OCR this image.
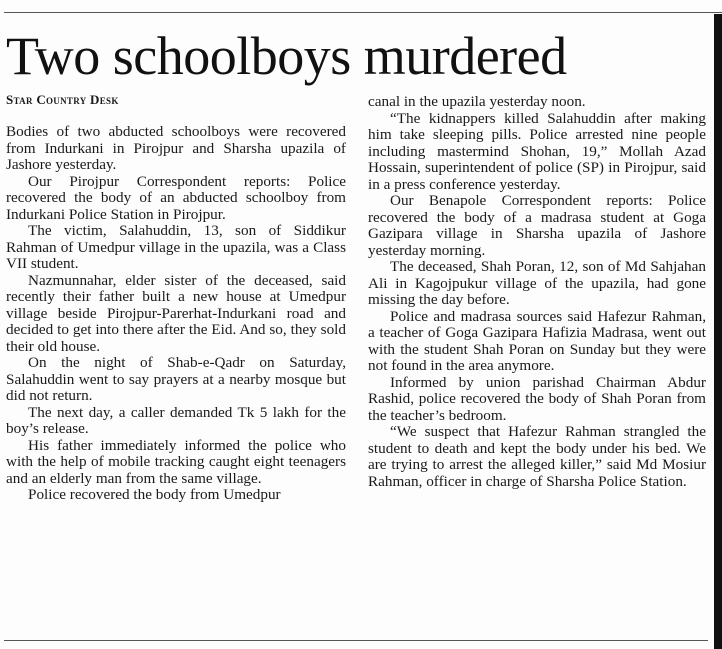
Two schoolboys murdered
Star Country Desk

Bodies of two abducted schoolboys were recovered from Indurkani in Pirojpur and Sharsha upazila of Jashore yesterday.

Our Pirojpur Correspondent reports: Police recovered the body of an abducted schoolboy from Indurkani Police Station in Pirojpur.

The victim, Salahuddin, 13, son of Siddikur Rahman of Umedpur village in the upazila, was a Class VII student.

Nazmunnahar, elder sister of the deceased, said recently their father built a new house at Umedpur village beside Pirojpur-Parerhat-Indurkani road and decided to get into there after the Eid. And so, they sold their old house.

On the night of Shab-e-Qadr on Saturday, Salahuddin went to say prayers at a nearby mosque but did not return.

The next day, a caller demanded Tk 5 lakh for the boy’s release.

His father immediately informed the police who with the help of mobile tracking caught eight teenagers and an elderly man from the same village.

Police recovered the body from Umedpur

canal in the upazila yesterday noon.

“The kidnappers killed Salahuddin after making him take sleeping pills. Police arrested nine people including mastermind Shohan, 19,” Mollah Azad Hossain, superintendent of police (SP) in Pirojpur, said in a press conference yesterday.

Our Benapole Correspondent reports: Police recovered the body of a madrasa student at Goga Gazipara village in Sharsha upazila of Jashore yesterday morning.

The deceased, Shah Poran, 12, son of Md Sahjahan Ali in Kagojpukur village of the upazila, had gone missing the day before.

Police and madrasa sources said Hafezur Rahman, a teacher of Goga Gazipara Hafizia Madrasa, went out with the student Shah Poran on Sunday but they were not found in the area anymore.

Informed by union parishad Chairman Abdur Rashid, police recovered the body of Shah Poran from the teacher’s bedroom.

“We suspect that Hafezur Rahman strangled the student to death and kept the body under his bed. We are trying to arrest the alleged killer,” said Md Mosiur Rahman, officer in charge of Sharsha Police Station.
